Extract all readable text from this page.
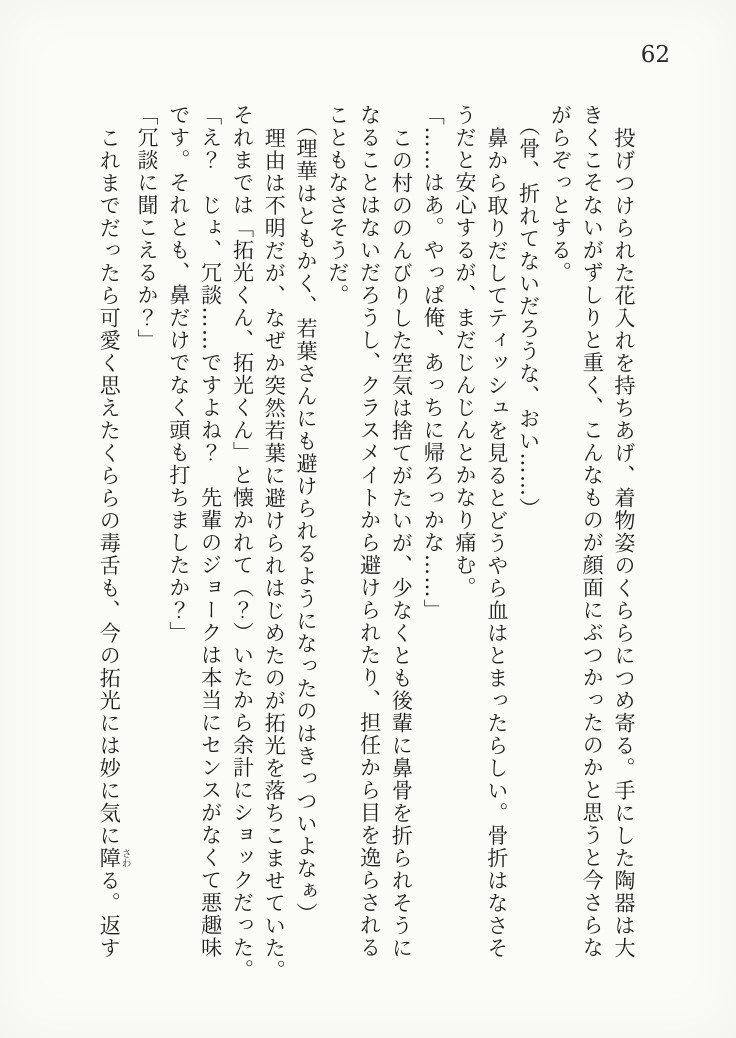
62
投げつけられた花入れを持ちあげ、着物姿のくららにつめ寄る。手にした陶器は大
きくこそないがずしりと重く、こんなものが顔面にぶつかったのかと思うと今さらな
がらぞっとする。
（骨、折れてないだろうな、おい……）
鼻から取りだしてティッシュを見るとどうやら血はとまったらしい。骨折はなさそ
うだと安心するが、まだじんじんとかなり痛む。
「……はあ。やっぱ俺、あっちに帰ろっかな……」
この村ののんびりした空気は捨てがたいが、少なくとも後輩に鼻骨を折られそうに
なることはないだろうし、クラスメイトから避けられたり、担任から目を逸らされる
こともなさそうだ。
（理華はともかく、若葉さんにも避けられるようになったのはきっついよなぁ）
理由は不明だが、なぜか突然若葉に避けられはじめたのが拓光を落ちこませていた。
それまでは「拓光くん、拓光くん」と懐かれて（？）いたから余計にショックだった。
「え？　じょ、冗談……ですよね？　先輩のジョークは本当にセンスがなくて悪趣味
です。それとも、鼻だけでなく頭も打ちましたか？」
「冗談に聞こえるか？」
これまでだったら可愛く思えたくららの毒舌も、今の拓光には妙に気に障さわる。返す
